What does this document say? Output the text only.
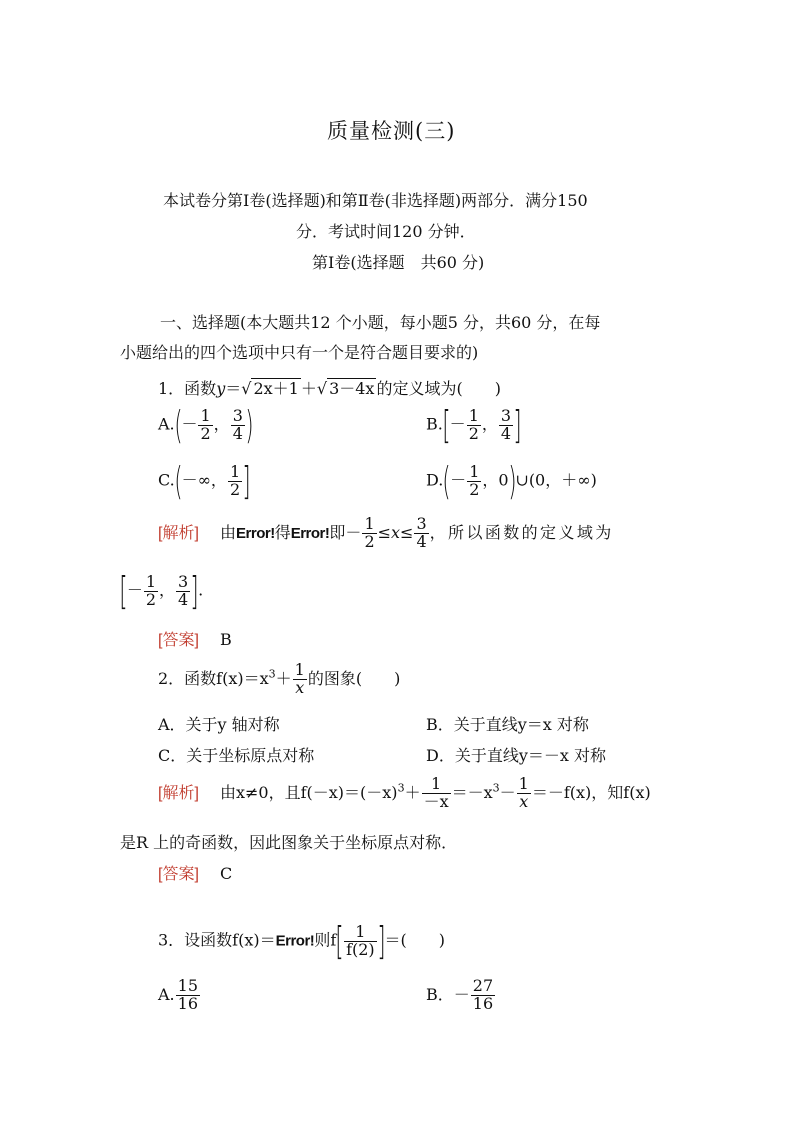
质量检测(三)
本试卷分第Ⅰ卷(选择题)和第Ⅱ卷(非选择题)两部分．满分150
分．考试时间120 分钟．
第Ⅰ卷(选择题　共60 分)
一、选择题(本大题共12 个小题，每小题5 分，共60 分，在每
小题给出的四个选项中只有一个是符合题目要求的)
1．函数y＝√ 2x＋1 ＋√ 3－4x 的定义域为(　　)
$A.(- \frac{1}{2}$ ， $\frac{3}{4}$ )	$B.[- \frac{1}{2}$ ， $\frac{3}{4}$ ]
C.(－∞， $\frac{1}{2}$ ]	$D.(- \frac{1}{2}$ ，0)∪(0，＋∞)
[解析]　 由Error!得Error!即－ $\frac{1}{2} \le x\le \frac{3}{4}$ ，所以函数的定义域为
[－ $\frac{1}{2}$ ， $\frac{3}{4}$ ].
[答案]　 B
2．函数$f(x)=x^3+ \frac{1}{x}$ 的图象(　　)
A．关于y 轴对称	B．关于直线y＝x 对称
C．关于坐标原点对称	D．关于直线y＝－x 对称
[解析]　 由x≠0，且$f(-x)=(-x)^3+ \frac{1}{-x} =-x^3- \frac{1}{x} =-f(x)$，知f(x)
是R 上的奇函数，因此图象关于坐标原点对称．
[答案]　 C
3．设函数f(x)＝Error!则$f[ \frac{1}{f(2)}$ ]＝(　　)
A. $\frac{15}{16}$	B．－ $\frac{27}{16}$
